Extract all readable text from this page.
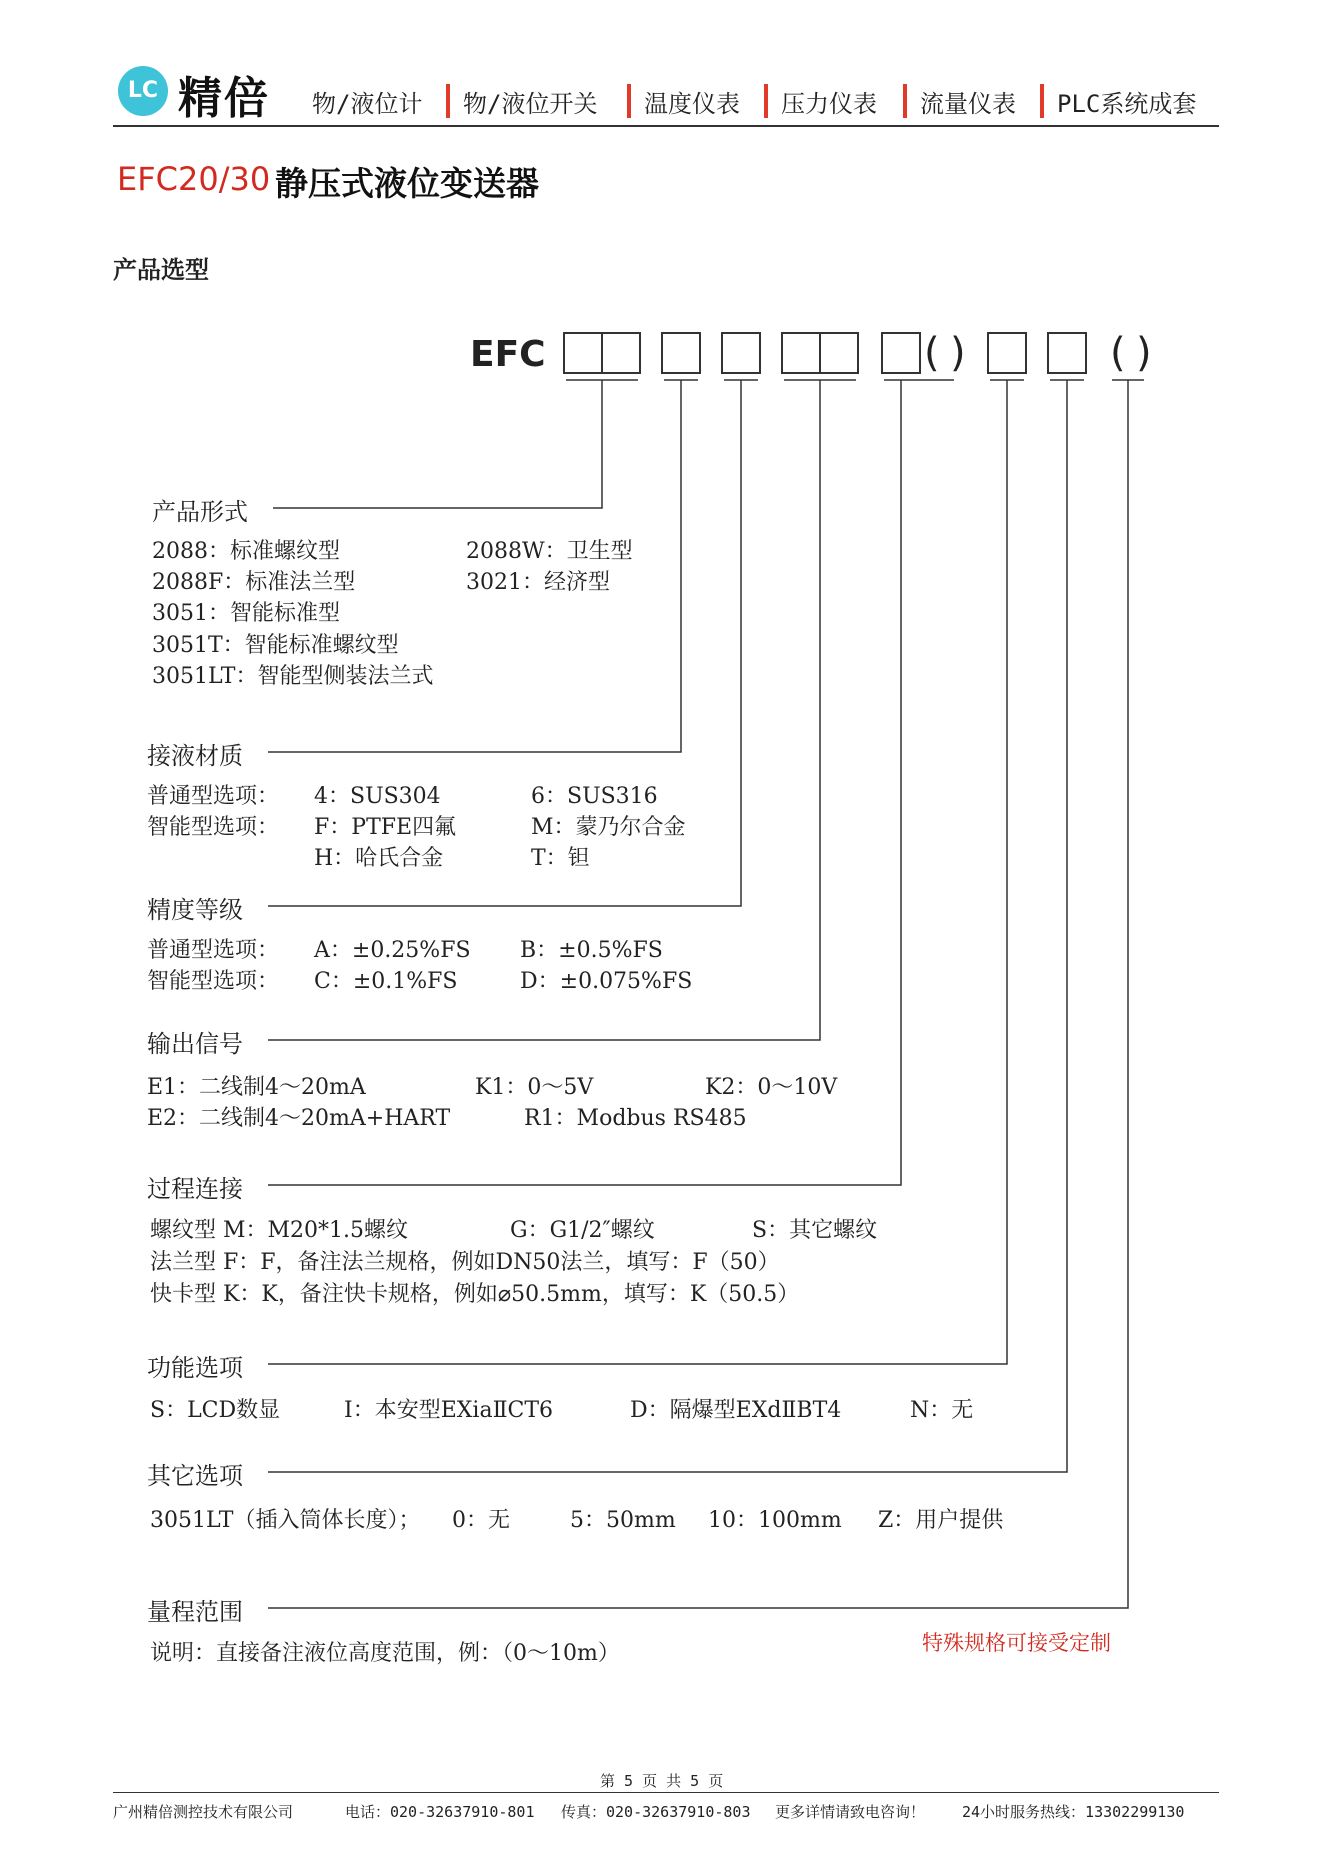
LC 精倍 物/液位计 物/液位开关 温度仪表 压力仪表 流量仪表 PLC系统成套
EFC20/30 静压式液位变送器
产品选型
EFC	( )	( )
产品形式
2088：标准螺纹型	2088W：卫生型
2088F：标准法兰型	3021：经济型
3051：智能标准型
3051T：智能标准螺纹型
3051LT：智能型侧装法兰式
接液材质
普通型选项： 4：SUS304	6：SUS316
智能型选项： F：PTFE四氟	M：蒙乃尔合金
H：哈氏合金	T：钽
精度等级
普通型选项： A：±0.25%FS B：±0.5%FS
智能型选项： C：±0.1%FS	D：±0.075%FS
输出信号
E1：二线制4～20mA	K1：0～5V	K2：0～10V
E2：二线制4～20mA+HART	R1：Modbus RS485
过程连接
螺纹型 M：M20*1.5螺纹	G：G1/2″螺纹	S：其它螺纹
法兰型 F：F，备注法兰规格，例如DN50法兰，填写：F（50）
快卡型 K：K，备注快卡规格，例如⌀50.5mm，填写：K（50.5）
功能选项
S：LCD数显	I：本安型EXiaⅡCT6	D：隔爆型EXdⅡBT4	N：无
其它选项
3051LT（插入筒体长度）； 0：无	5：50mm 10：100mm Z：用户提供
量程范围
说明：直接备注液位高度范围，例：（0～10m）	特殊规格可接受定制
第 5 页 共 5 页
广州精倍测控技术有限公司	电话：020-32637910-801 传真：020-32637910-803 更多详情请致电咨询！ 24小时服务热线：13302299130
